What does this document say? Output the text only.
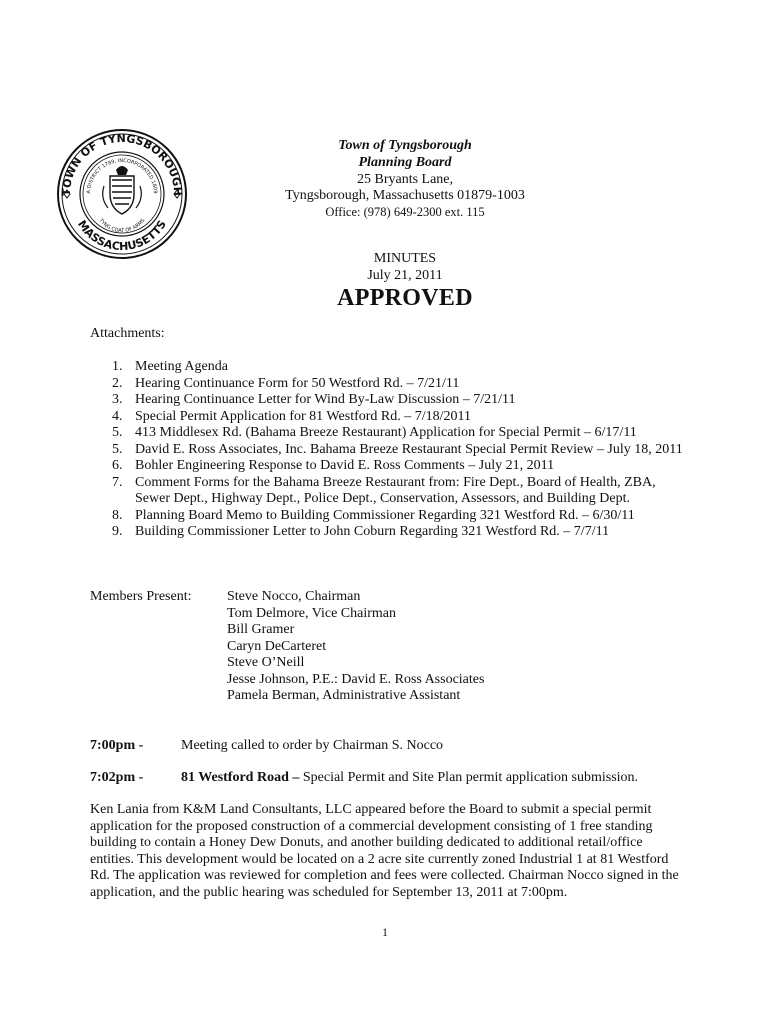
TOWN OF TYNGSBOROUGH
MASSACHUSETTS
A DISTRICT 1789, INCORPORATED 1809
TYNG COAT OF ARMS
Town of Tyngsborough
Planning Board
25 Bryants Lane,
Tyngsborough, Massachusetts 01879-1003
Office: (978) 649-2300 ext. 115
MINUTES
July 21, 2011
APPROVED
Attachments:
1. Meeting Agenda
2. Hearing Continuance Form for 50 Westford Rd. – 7/21/11
3. Hearing Continuance Letter for Wind By-Law Discussion – 7/21/11
4. Special Permit Application for 81 Westford Rd. – 7/18/2011
5. 413 Middlesex Rd. (Bahama Breeze Restaurant) Application for Special Permit – 6/17/11
5. David E. Ross Associates, Inc. Bahama Breeze Restaurant Special Permit Review – July 18, 2011
6. Bohler Engineering Response to David E. Ross Comments – July 21, 2011
7. Comment Forms for the Bahama Breeze Restaurant from: Fire Dept., Board of Health, ZBA, Sewer Dept., Highway Dept., Police Dept., Conservation, Assessors, and Building Dept.
8. Planning Board Memo to Building Commissioner Regarding 321 Westford Rd. – 6/30/11
9. Building Commissioner Letter to John Coburn Regarding 321 Westford Rd. – 7/7/11
Members Present:	Steve Nocco, Chairman
Tom Delmore, Vice Chairman
Bill Gramer
Caryn DeCarteret
Steve O’Neill
Jesse Johnson, P.E.: David E. Ross Associates
Pamela Berman, Administrative Assistant
7:00pm -	Meeting called to order by Chairman S. Nocco
7:02pm -	81 Westford Road – Special Permit and Site Plan permit application submission.
Ken Lania from K&M Land Consultants, LLC appeared before the Board to submit a special permit application for the proposed construction of a commercial development consisting of 1 free standing building to contain a Honey Dew Donuts, and another building dedicated to additional retail/office entities. This development would be located on a 2 acre site currently zoned Industrial 1 at 81 Westford Rd. The application was reviewed for completion and fees were collected. Chairman Nocco signed in the application, and the public hearing was scheduled for September 13, 2011 at 7:00pm.
1
